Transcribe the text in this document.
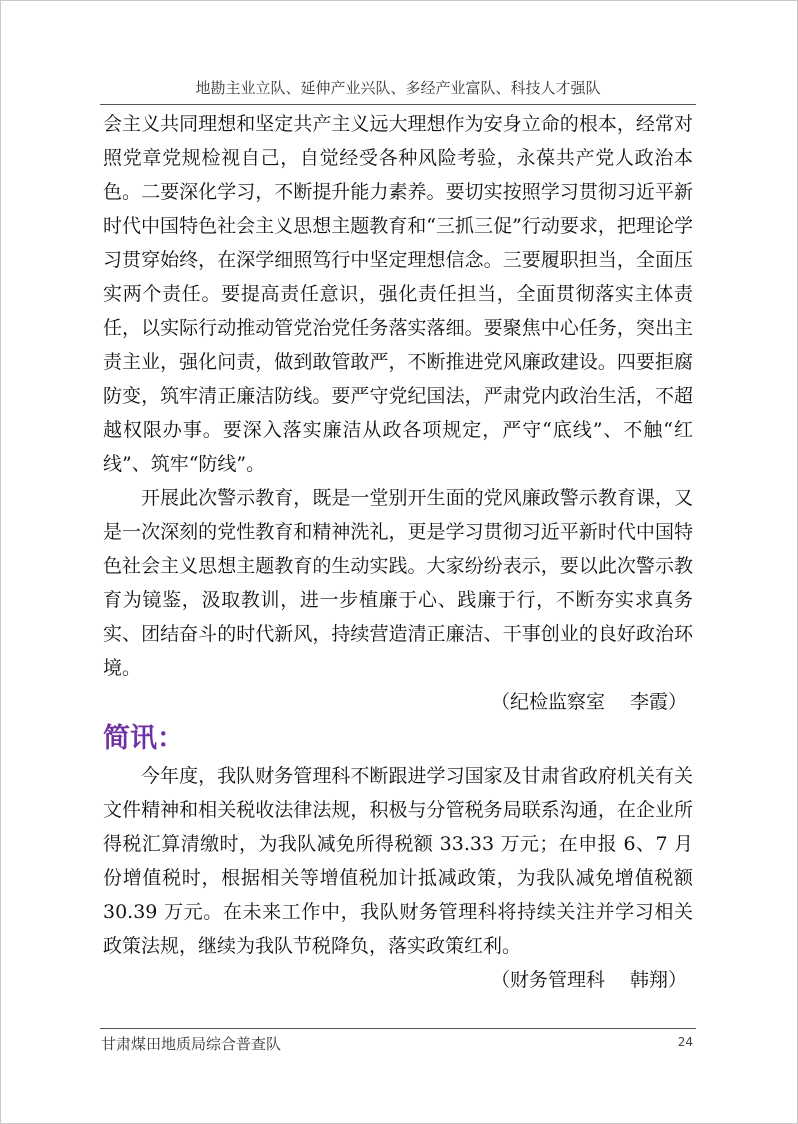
地勘主业立队、延伸产业兴队、多经产业富队、科技人才强队

会主义共同理想和坚定共产主义远大理想作为安身立命的根本，经常对照党章党规检视自己，自觉经受各种风险考验，永葆共产党人政治本色。二要深化学习，不断提升能力素养。要切实按照学习贯彻习近平新时代中国特色社会主义思想主题教育和“三抓三促”行动要求，把理论学习贯穿始终，在深学细照笃行中坚定理想信念。三要履职担当，全面压实两个责任。要提高责任意识，强化责任担当，全面贯彻落实主体责任，以实际行动推动管党治党任务落实落细。要聚焦中心任务，突出主责主业，强化问责，做到敢管敢严，不断推进党风廉政建设。四要拒腐防变，筑牢清正廉洁防线。要严守党纪国法，严肃党内政治生活，不超越权限办事。要深入落实廉洁从政各项规定，严守“底线”、不触“红线”、筑牢“防线”。

开展此次警示教育，既是一堂别开生面的党风廉政警示教育课，又是一次深刻的党性教育和精神洗礼，更是学习贯彻习近平新时代中国特色社会主义思想主题教育的生动实践。大家纷纷表示，要以此次警示教育为镜鉴，汲取教训，进一步植廉于心、践廉于行，不断夯实求真务实、团结奋斗的时代新风，持续营造清正廉洁、干事创业的良好政治环境。

（纪检监察室　 李霞）

简讯：

今年度，我队财务管理科不断跟进学习国家及甘肃省政府机关有关文件精神和相关税收法律法规，积极与分管税务局联系沟通，在企业所得税汇算清缴时，为我队减免所得税额 33.33 万元；在申报 6、7 月份增值税时，根据相关等增值税加计抵减政策，为我队减免增值税额 30.39 万元。在未来工作中，我队财务管理科将持续关注并学习相关政策法规，继续为我队节税降负，落实政策红利。

（财务管理科　 韩翔）

甘肃煤田地质局综合普查队	24
